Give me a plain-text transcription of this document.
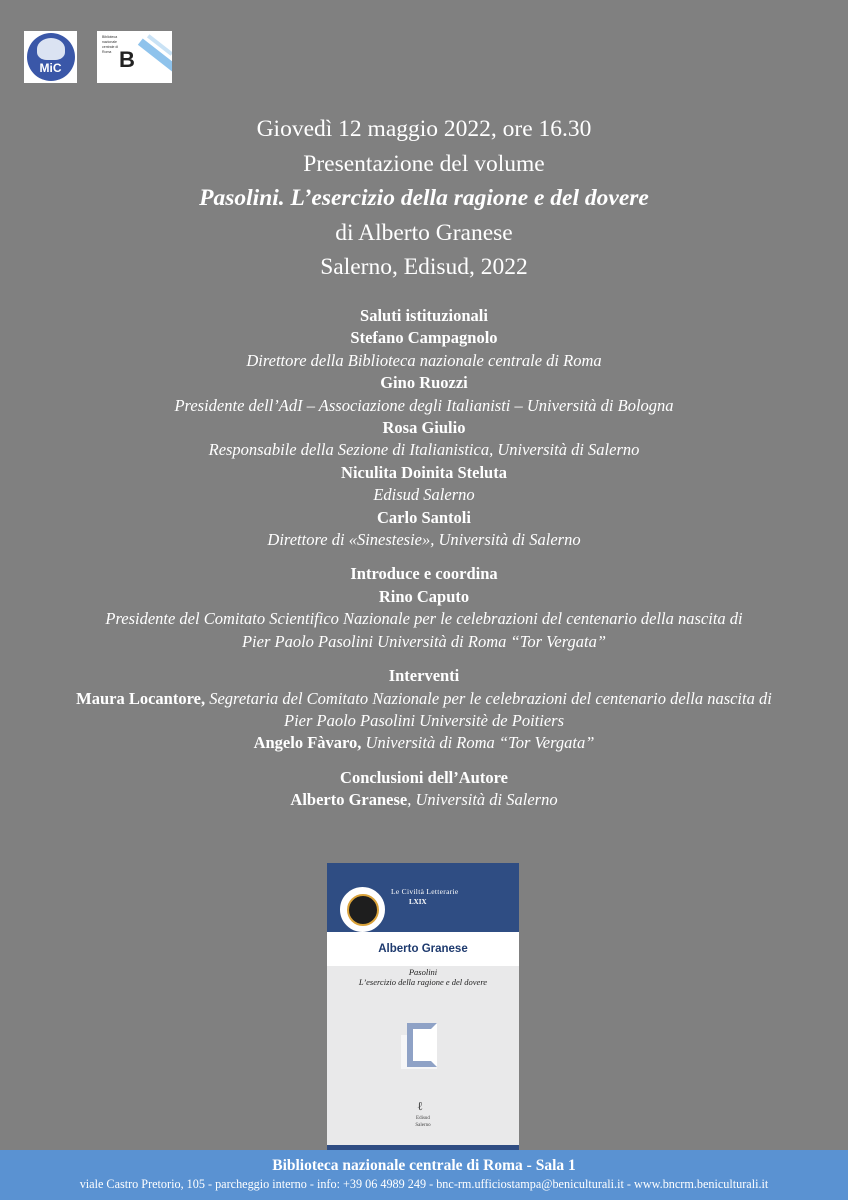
MiC
Biblioteca nazionale centrale di Roma B
Giovedì 12 maggio 2022, ore 16.30
Presentazione del volume
Pasolini. L’esercizio della ragione e del dovere
di Alberto Granese
Salerno, Edisud, 2022
Saluti istituzionali
Stefano Campagnolo
Direttore della Biblioteca nazionale centrale di Roma
Gino Ruozzi
Presidente dell’AdI – Associazione degli Italianisti – Università di Bologna
Rosa Giulio
Responsabile della Sezione di Italianistica, Università di Salerno
Niculita Doinita Steluta
Edisud Salerno
Carlo Santoli
Direttore di «Sinestesie», Università di Salerno
Introduce e coordina
Rino Caputo
Presidente del Comitato Scientifico Nazionale per le celebrazioni del centenario della nascita di
Pier Paolo Pasolini Università di Roma “Tor Vergata”
Interventi
Maura Locantore, Segretaria del Comitato Nazionale per le celebrazioni del centenario della nascita di
Pier Paolo Pasolini Universitè de Poitiers
Angelo Fàvaro, Università di Roma “Tor Vergata”
Conclusioni dell’Autore
Alberto Granese, Università di Salerno
Le Civiltà Letterarie
LXIX
Alberto Granese
Pasolini
L’esercizio della ragione e del dovere
ℓ
Edisud
Salerno
Biblioteca nazionale centrale di Roma - Sala 1
viale Castro Pretorio, 105 - parcheggio interno - info: +39 06 4989 249 - bnc-rm.ufficiostampa@beniculturali.it - www.bncrm.beniculturali.it
